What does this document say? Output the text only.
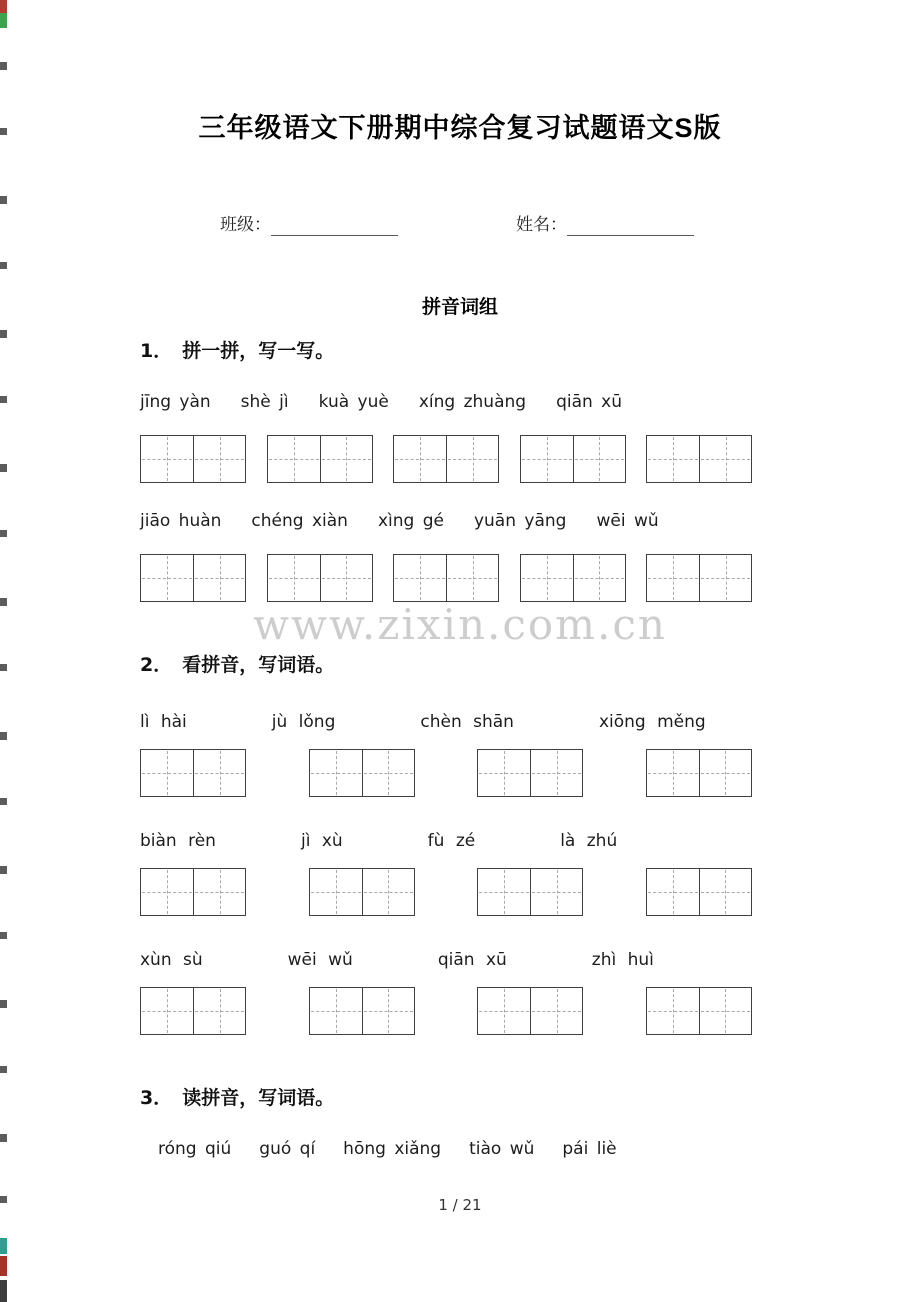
三年级语文下册期中综合复习试题语文S版
班级：	姓名：
拼音词组
1． 拼一拼，写一写。
jīng yàn shè jì kuà yuè xíng zhuàng qiān xū
jiāo huàn chéng xiàn xìng gé yuān yāng wēi wǔ
www.zixin.com.cn
2． 看拼音，写词语。
lì hài	jù lǒng	chèn shān	xiōng měng
biàn rèn	jì xù	fù zé	là zhú
xùn sù	wēi wǔ	qiān xū	zhì huì
3． 读拼音，写词语。
róng qiú guó qí hōng xiǎng tiào wǔ pái liè
1 / 21
